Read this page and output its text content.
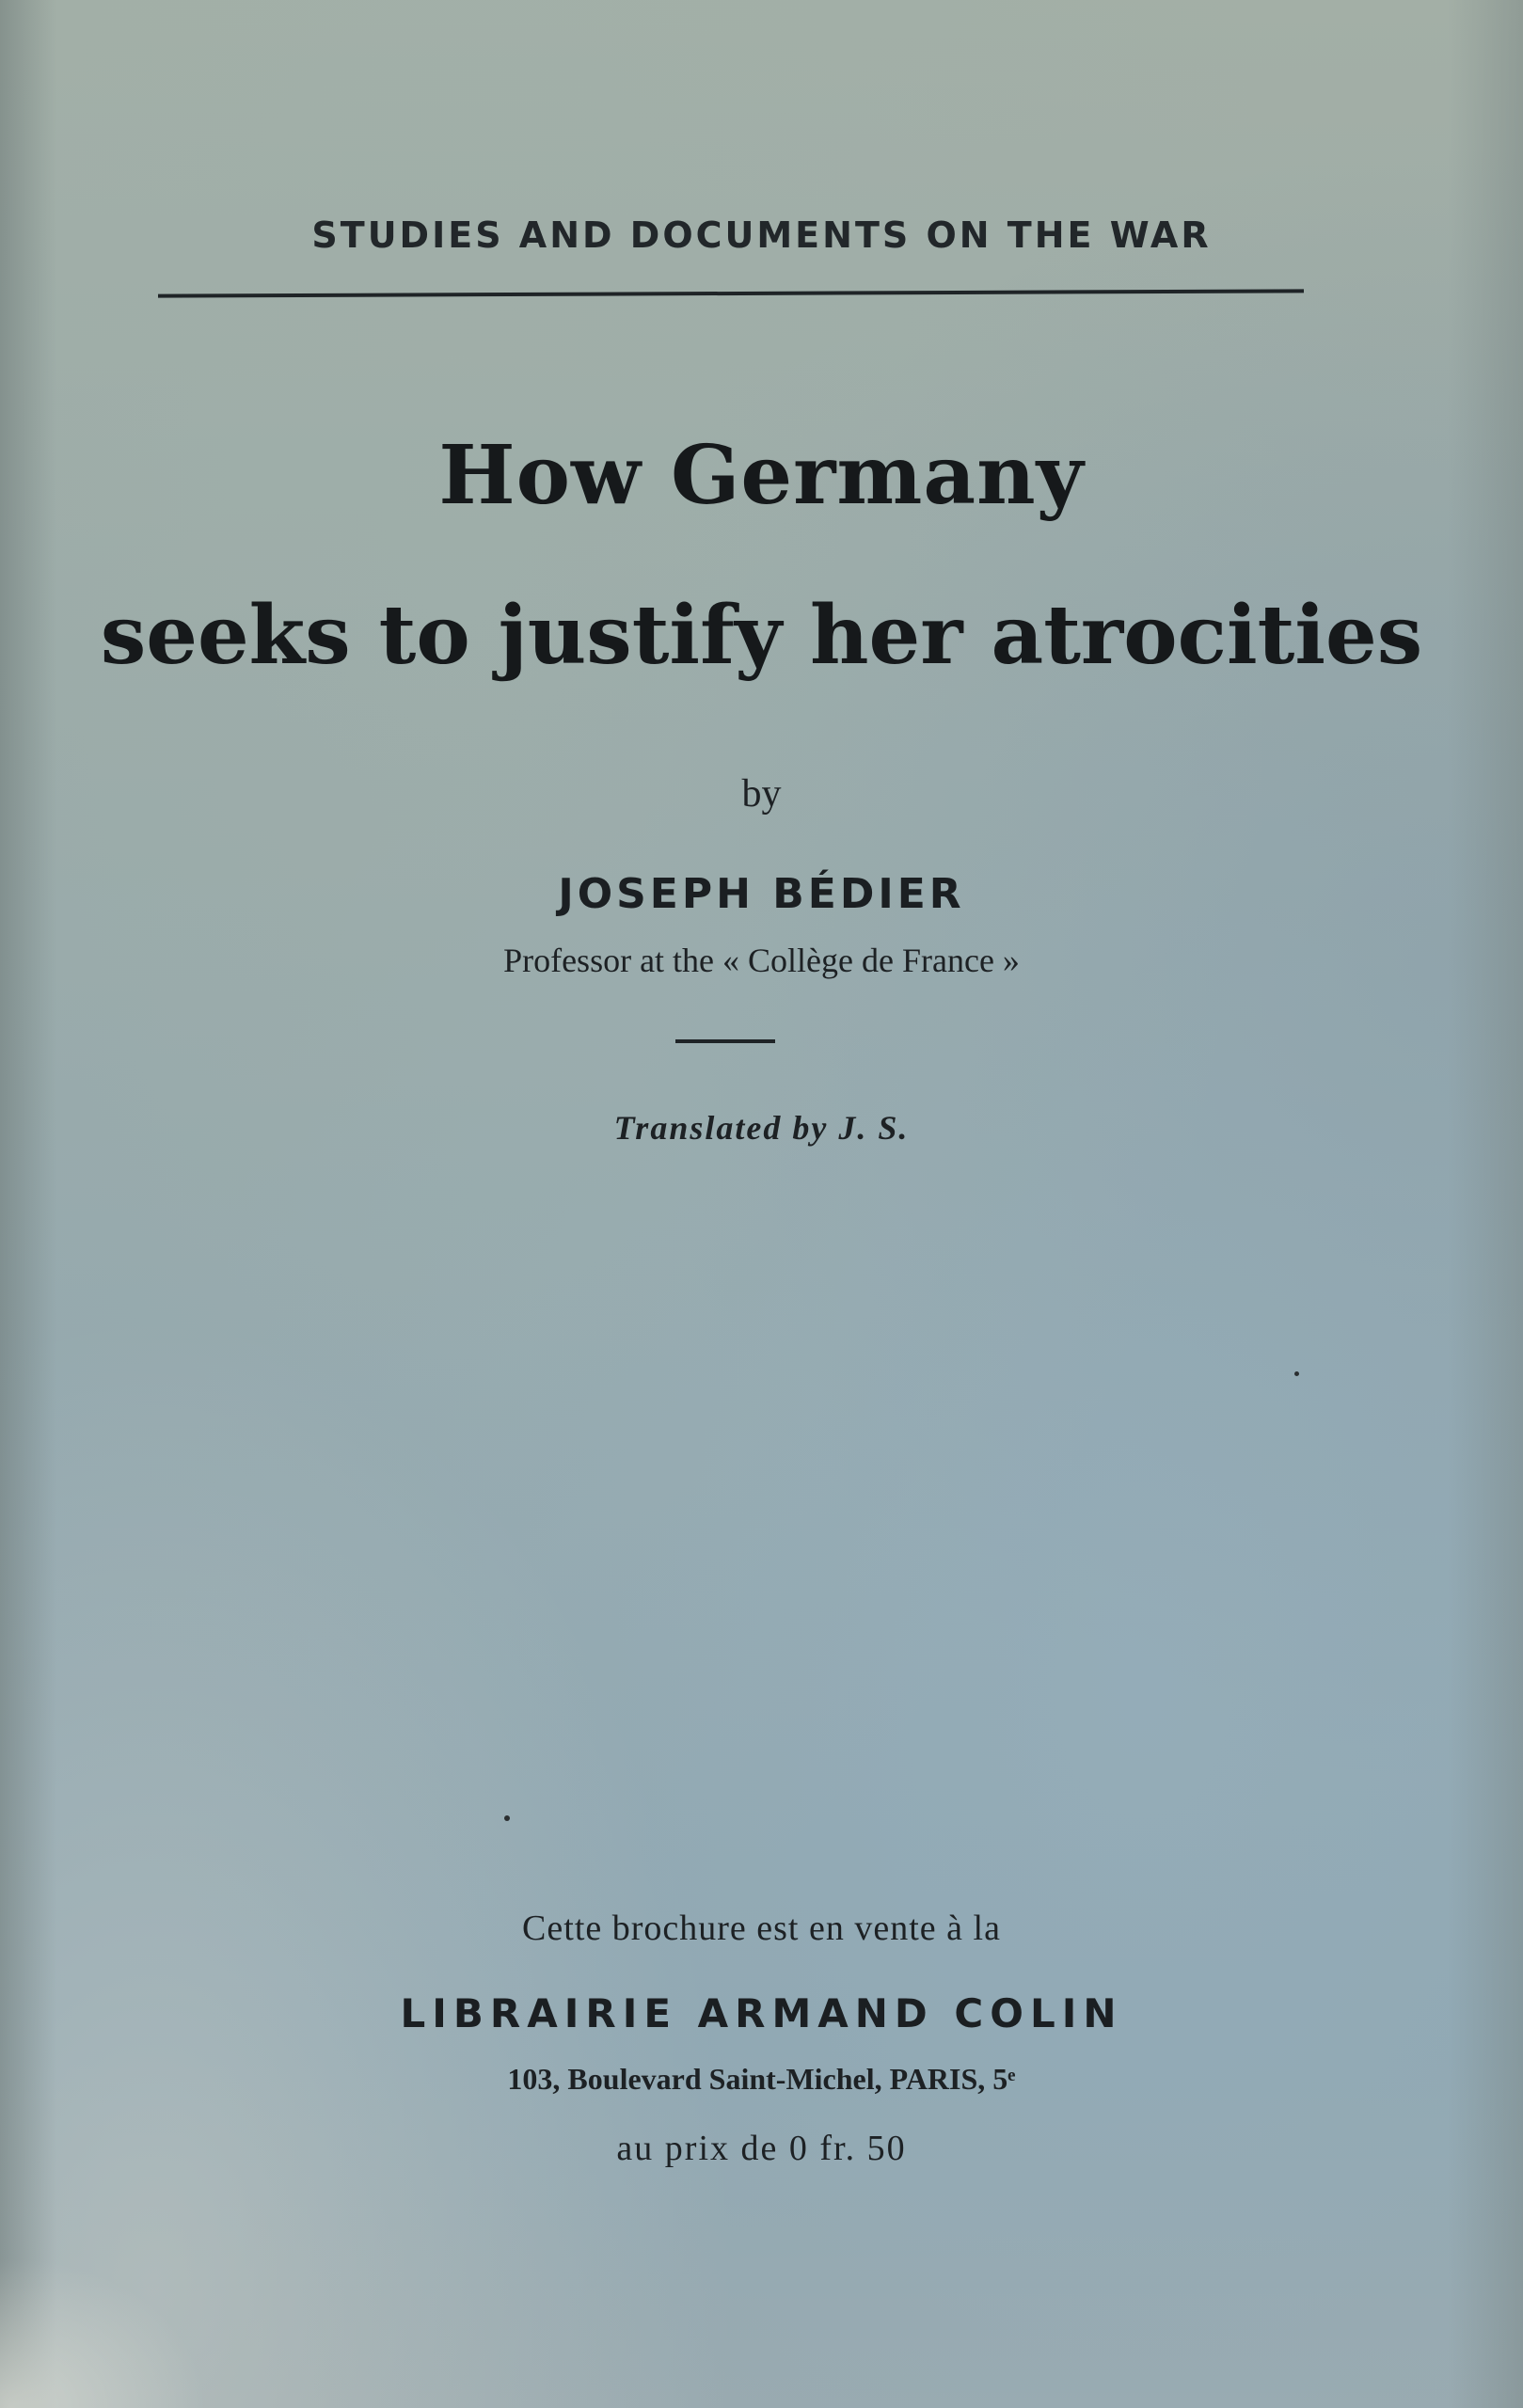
STUDIES AND DOCUMENTS ON THE WAR
How Germany
seeks to justify her atrocities
by
JOSEPH BÉDIER
Professor at the « Collège de France »
Translated by J. S.
Cette brochure est en vente à la
LIBRAIRIE ARMAND COLIN
103, Boulevard Saint-Michel, PARIS, 5ᵉ
au prix de 0 fr. 50
